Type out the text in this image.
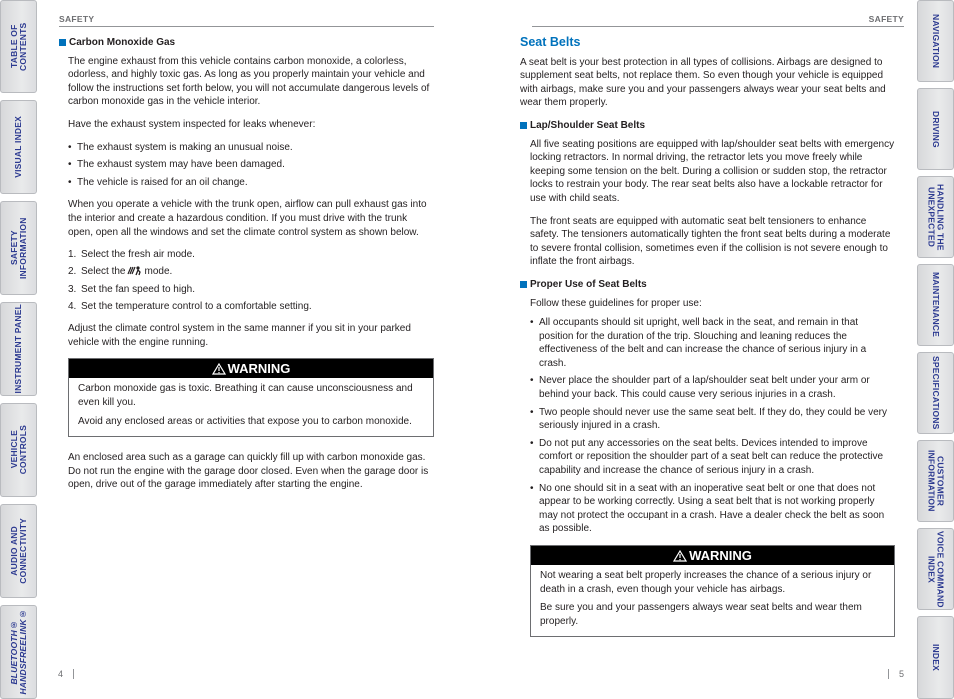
TABLE OF CONTENTS
VISUAL INDEX
SAFETY INFORMATION
INSTRUMENT PANEL
VEHICLE
CONTROLS
AUDIO AND
CONNECTIVITY
BLUETOOTH®
HANDSFREELINK®
SAFETY
Carbon Monoxide Gas

The engine exhaust from this vehicle contains carbon monoxide, a colorless, odorless, and highly toxic gas. As long as you properly maintain your vehicle and follow the instructions set forth below, you will not accumulate dangerous levels of carbon monoxide gas in the vehicle interior.

Have the exhaust system inspected for leaks whenever:

• The exhaust system is making an unusual noise.
• The exhaust system may have been damaged.
• The vehicle is raised for an oil change.

When you operate a vehicle with the trunk open, airflow can pull exhaust gas into the interior and create a hazardous condition. If you must drive with the trunk open, open all the windows and set the climate control system as shown below.

1. Select the fresh air mode.
2. Select the mode.
3. Set the fan speed to high.
4. Set the temperature control to a comfortable setting.

Adjust the climate control system in the same manner if you sit in your parked vehicle with the engine running.

WARNING

Carbon monoxide gas is toxic. Breathing it can cause unconsciousness and even kill you.

Avoid any enclosed areas or activities that expose you to carbon monoxide.

An enclosed area such as a garage can quickly fill up with carbon monoxide gas. Do not run the engine with the garage door closed. Even when the garage door is open, drive out of the garage immediately after starting the engine.

4
SAFETY
Seat Belts

A seat belt is your best protection in all types of collisions. Airbags are designed to supplement seat belts, not replace them. So even though your vehicle is equipped with airbags, make sure you and your passengers always wear your seat belts and wear them properly.

Lap/Shoulder Seat Belts

All five seating positions are equipped with lap/shoulder seat belts with emergency locking retractors. In normal driving, the retractor lets you move freely while keeping some tension on the belt. During a collision or sudden stop, the retractor locks to restrain your body. The rear seat belts also have a lockable retractor for use with child seats.

The front seats are equipped with automatic seat belt tensioners to enhance safety. The tensioners automatically tighten the front seat belts during a moderate to severe frontal collision, sometimes even if the collision is not severe enough to inflate the front airbags.

Proper Use of Seat Belts

Follow these guidelines for proper use:

• All occupants should sit upright, well back in the seat, and remain in that position for the duration of the trip. Slouching and leaning reduces the effectiveness of the belt and can increase the chance of serious injury in a crash.
• Never place the shoulder part of a lap/shoulder seat belt under your arm or behind your back. This could cause very serious injuries in a crash.
• Two people should never use the same seat belt. If they do, they could be very seriously injured in a crash.
• Do not put any accessories on the seat belts. Devices intended to improve comfort or reposition the shoulder part of a seat belt can reduce the protective capability and increase the chance of serious injury in a crash.
• No one should sit in a seat with an inoperative seat belt or one that does not appear to be working correctly. Using a seat belt that is not working properly may not protect the occupant in a crash. Have a dealer check the belt as soon as possible.
WARNING

Not wearing a seat belt properly increases the chance of a serious injury or death in a crash, even though your vehicle has airbags.

Be sure you and your passengers always wear seat belts and wear them properly.

5
NAVIGATION
DRIVING
HANDLING THE
UNEXPECTED
MAINTENANCE
SPECIFICATIONS
CUSTOMER
INFORMATION
VOICE COMMAND
INDEX
INDEX
